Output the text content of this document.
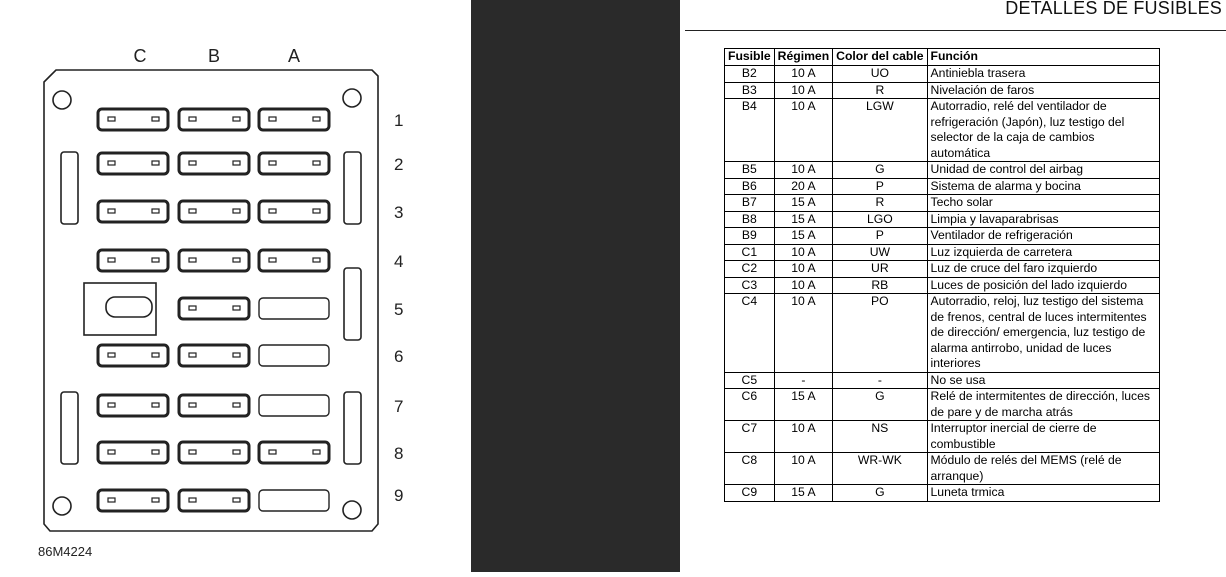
C	B	A
1
2
3
4
5
6
7
8
9
86M4224
DETALLES DE FUSIBLES
Fusible	Régimen	Color del cable	Función
B2	10 A	UO	Antiniebla trasera
B3	10 A	R	Nivelación de faros
B4	10 A	LGW	Autorradio, relé del ventilador de refrigeración (Japón), luz testigo del selector de la caja de cambios automática
B5	10 A	G	Unidad de control del airbag
B6	20 A	P	Sistema de alarma y bocina
B7	15 A	R	Techo solar
B8	15 A	LGO	Limpia y lavaparabrisas
B9	15 A	P	Ventilador de refrigeración
C1	10 A	UW	Luz izquierda de carretera
C2	10 A	UR	Luz de cruce del faro izquierdo
C3	10 A	RB	Luces de posición del lado izquierdo
C4	10 A	PO	Autorradio, reloj, luz testigo del sistema de frenos, central de luces intermitentes de dirección/ emergencia, luz testigo de alarma antirrobo, unidad de luces interiores
C5	-	-	No se usa
C6	15 A	G	Relé de intermitentes de dirección, luces de pare y de marcha atrás
C7	10 A	NS	Interruptor inercial de cierre de combustible
C8	10 A	WR-WK	Módulo de relés del MEMS (relé de arranque)
C9	15 A	G	Luneta trmica
